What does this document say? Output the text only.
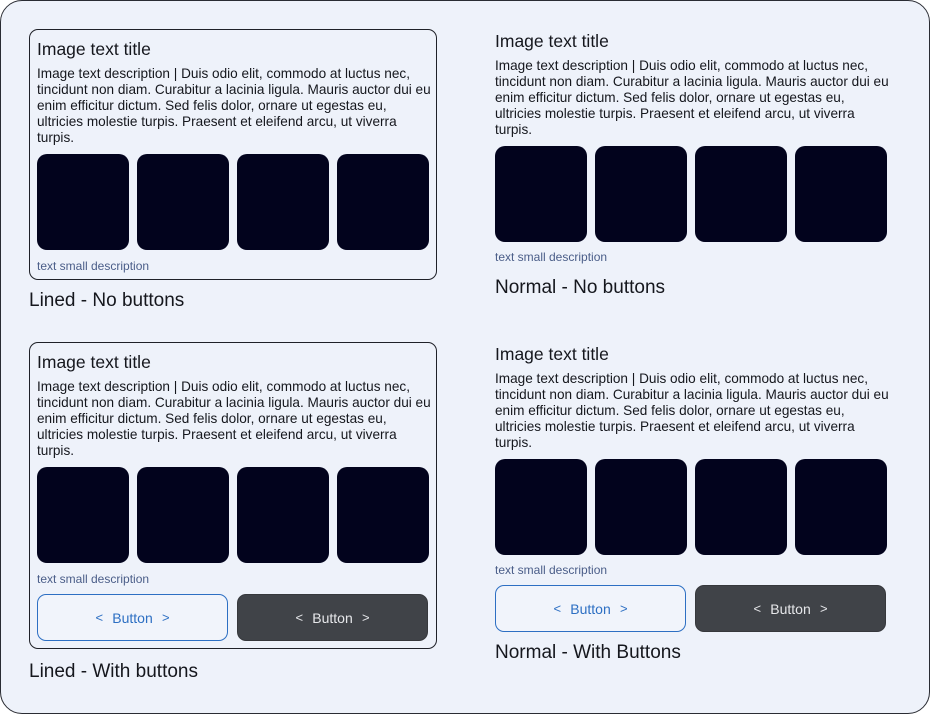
Image text title
Image text description | Duis odio elit, commodo at luctus nec, tincidunt non diam. Curabitur a lacinia ligula. Mauris auctor dui eu enim efficitur dictum. Sed felis dolor, ornare ut egestas eu, ultricies molestie turpis. Praesent et eleifend arcu, ut viverra turpis.
text small description
Lined - No buttons
Image text title
Image text description | Duis odio elit, commodo at luctus nec, tincidunt non diam. Curabitur a lacinia ligula. Mauris auctor dui eu enim efficitur dictum. Sed felis dolor, ornare ut egestas eu, ultricies molestie turpis. Praesent et eleifend arcu, ut viverra turpis.
text small description
Normal - No buttons
Image text title
Image text description | Duis odio elit, commodo at luctus nec, tincidunt non diam. Curabitur a lacinia ligula. Mauris auctor dui eu enim efficitur dictum. Sed felis dolor, ornare ut egestas eu, ultricies molestie turpis. Praesent et eleifend arcu, ut viverra turpis.
text small description
< Button >	< Button >
Lined - With buttons
Image text title
Image text description | Duis odio elit, commodo at luctus nec, tincidunt non diam. Curabitur a lacinia ligula. Mauris auctor dui eu enim efficitur dictum. Sed felis dolor, ornare ut egestas eu, ultricies molestie turpis. Praesent et eleifend arcu, ut viverra turpis.
text small description
< Button >	< Button >
Normal - With Buttons
